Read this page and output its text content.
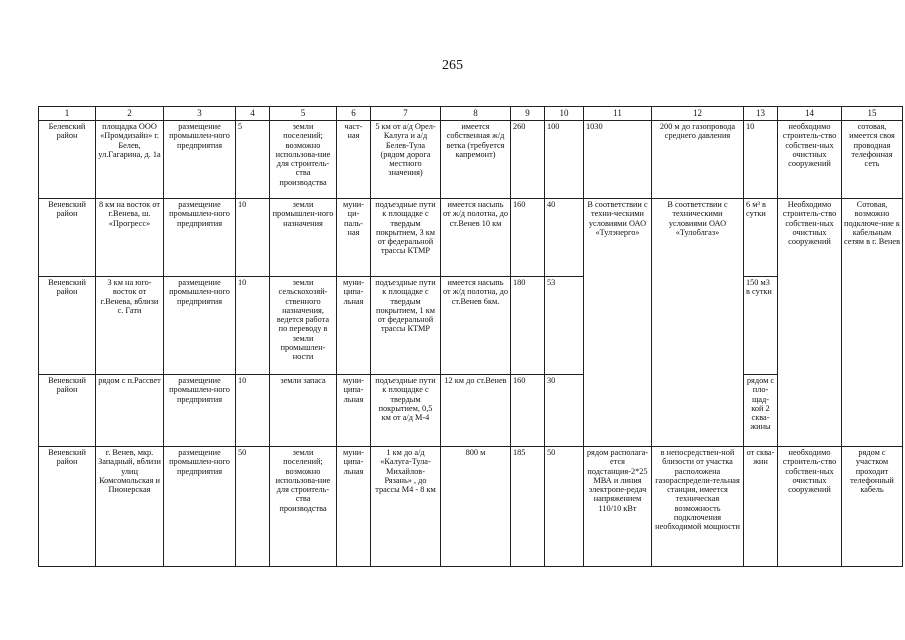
265
1	2	3	4	5	6	7	8	9	10	11	12	13	14	15
Белевский район	площадка ООО «Промдизайн» г. Белев, ул.Гагарина, д. 1а	размещение промышлен-ного предприятия	5	земли поселений; возможно использова-ние для строитель-ства производства	част-ная	5 км от а/д Орел-Калуга и а/д Белев-Тула (рядом дорога местного значения)	имеется собственная ж/д ветка (требуется капремонт)	260	100	1030	200 м до газопровода среднего давления	10	необходимо строитель-ство собствен-ных очистных сооружений	сотовая, имеется своя проводная телефонная сеть
Веневский район	8 км на восток от г.Венева, ш. «Прогресс»	размещение промышлен-ного предприятия	10	земли промышлен-ного назначения	муни-ци-паль-ная	подъездные пути к площадке с твердым покрытием, 3 км от федеральной трассы КТМР	имеется насыпь от ж/д полотна, до ст.Венев 10 км	160	40	В соответствии с техни-ческими условиями ОАО «Тулэнерго»	В соответствии с техническими условиями ОАО «Тулоблгаз»	6 м³ в сутки	Необходимо строитель-ство собствен-ных очистных сооружений	Сотовая, возможно подключе-ние к кабельным сетям в г. Венев
Веневский район	3 км на юго-восток от г.Венева, вблизи с. Гати	размещение промышлен-ного предприятия	10	земли сельскохозяй-ственного назначения, ведется работа по переводу в земли промышлен-ности	муни-ципа-льная	подъездные пути к площадке с твердым покрытием, 1 км от федеральной трассы КТМР	имеется насыпь от ж/д полотна, до ст.Венев 6км.	180	53			150 м3 в сутки		
Веневский район	рядом с п.Рассвет	размещение промышлен-ного предприятия	10	земли запаса	муни-ципа-льная	подъездные пути к площадке с твердым покрытием, 0,5 км от а/д М-4	12 км до ст.Венев	160	30			рядом с пло-щад-кой 2 сква-жины		
Веневский район	г. Венев, мкр. Западный, вблизи улиц Комсомольская и Пионерская	размещение промышлен-ного предприятия	50	земли поселений; возможно использова-ние для строитель-ства производства	муни-ципа-льная	1 км до а/д «Калуга-Тула-Михайлов-Рязань» , до трассы М4 - 8 км	800 м	185	50	рядом располага-ется подстанция-2*25 МВА и линия электропе-редач напряжением 110/10 кВт	в непосредствен-ной близости от участка расположена газораспредели-тельная станция, имеется техническая возможность подключения необходимой мощности	от сква-жин	необходимо строитель-ство собствен-ных очистных сооружений	рядом с участком проходит телефонный кабель
